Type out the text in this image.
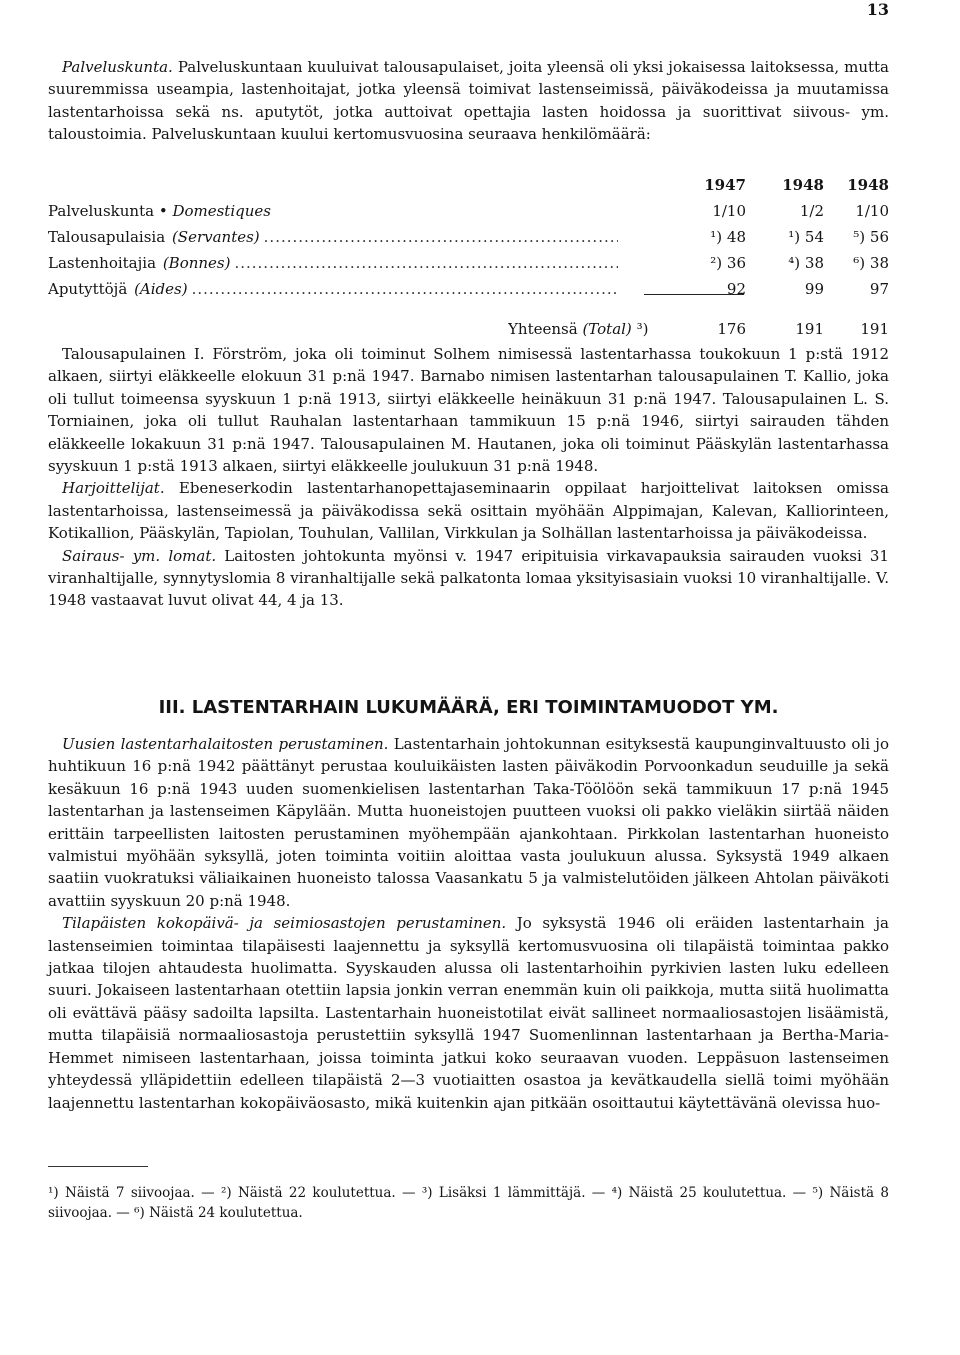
13

Palveluskunta. Palveluskuntaan kuuluivat talousapulaiset, joita yleensä oli yksi jokaisessa laitoksessa, mutta suuremmissa useampia, lastenhoitajat, jotka yleensä toimivat lastenseimissä, päiväkodeissa ja muutamissa lastentarhoissa sekä ns. aputytöt, jotka auttoivat opettajia lasten hoidossa ja suorittivat siivous- ym. taloustoimia. Palveluskuntaan kuului kertomusvuosina seuraava henkilömäärä:

1947	1948	1948
Palveluskunta • Domestiques	1/10	1/2	1/10
Talousapulaisia (Servantes) .....	¹) 48	¹) 54	⁵) 56
Lastenhoitajia (Bonnes) .....	²) 36	⁴) 38	⁶) 38
Aputyttöjä (Aides) .....	92	99	97
Yhteensä (Total) ³)	176	191	191

Talousapulainen I. Förström, joka oli toiminut Solhem nimisessä lastentarhassa toukokuun 1 p:stä 1912 alkaen, siirtyi eläkkeelle elokuun 31 p:nä 1947. Barnabo nimisen lastentarhan talousapulainen T. Kallio, joka oli tullut toimeensa syyskuun 1 p:nä 1913, siirtyi eläkkeelle heinäkuun 31 p:nä 1947. Talousapulainen L. S. Torniainen, joka oli tullut Rauhalan lastentarhaan tammikuun 15 p:nä 1946, siirtyi sairauden tähden eläkkeelle lokakuun 31 p:nä 1947. Talousapulainen M. Hautanen, joka oli toiminut Pääskylän lastentarhassa syyskuun 1 p:stä 1913 alkaen, siirtyi eläkkeelle joulukuun 31 p:nä 1948.

Harjoittelijat. Ebeneserkodin lastentarhanopettajaseminaarin oppilaat harjoittelivat laitoksen omissa lastentarhoissa, lastenseimessä ja päiväkodissa sekä osittain myöhään Alppimajan, Kalevan, Kalliorinteen, Kotikallion, Pääskylän, Tapiolan, Touhulan, Vallilan, Virkkulan ja Solhällan lastentarhoissa ja päiväkodeissa.

Sairaus- ym. lomat. Laitosten johtokunta myönsi v. 1947 eripituisia virkavapauksia sairauden vuoksi 31 viranhaltijalle, synnytyslomia 8 viranhaltijalle sekä palkatonta lomaa yksityisasiain vuoksi 10 viranhaltijalle. V. 1948 vastaavat luvut olivat 44, 4 ja 13.

III. LASTENTARHAIN LUKUMÄÄRÄ, ERI TOIMINTAMUODOT YM.

Uusien lastentarhalaitosten perustaminen. Lastentarhain johtokunnan esityksestä kaupunginvaltuusto oli jo huhtikuun 16 p:nä 1942 päättänyt perustaa kouluikäisten lasten päiväkodin Porvoonkadun seuduille ja sekä kesäkuun 16 p:nä 1943 uuden suomenkielisen lastentarhan Taka-Töölöön sekä tammikuun 17 p:nä 1945 lastentarhan ja lastenseimen Käpylään. Mutta huoneistojen puutteen vuoksi oli pakko vieläkin siirtää näiden erittäin tarpeellisten laitosten perustaminen myöhempään ajankohtaan. Pirkkolan lastentarhan huoneisto valmistui myöhään syksyllä, joten toiminta voitiin aloittaa vasta joulukuun alussa. Syksystä 1949 alkaen saatiin vuokratuksi väliaikainen huoneisto talossa Vaasankatu 5 ja valmistelutöiden jälkeen Ahtolan päiväkoti avattiin syyskuun 20 p:nä 1948.

Tilapäisten kokopäivä- ja seimiosastojen perustaminen. Jo syksystä 1946 oli eräiden lastentarhain ja lastenseimien toimintaa tilapäisesti laajennettu ja syksyllä kertomusvuosina oli tilapäistä toimintaa pakko jatkaa tilojen ahtaudesta huolimatta. Syyskauden alussa oli lastentarhoihin pyrkivien lasten luku edelleen suuri. Jokaiseen lastentarhaan otettiin lapsia jonkin verran enemmän kuin oli paikkoja, mutta siitä huolimatta oli evättävä pääsy sadoilta lapsilta. Lastentarhain huoneistotilat eivät sallineet normaaliosastojen lisäämistä, mutta tilapäisiä normaaliosastoja perustettiin syksyllä 1947 Suomenlinnan lastentarhaan ja Bertha-Maria-Hemmet nimiseen lastentarhaan, joissa toiminta jatkui koko seuraavan vuoden. Leppäsuon lastenseimen yhteydessä ylläpidettiin edelleen tilapäistä 2—3 vuotiaitten osastoa ja kevätkaudella siellä toimi myöhään laajennettu lastentarhan kokopäiväosasto, mikä kuitenkin ajan pitkään osoittautui käytettävänä olevissa huo-

¹) Näistä 7 siivoojaa. — ²) Näistä 22 koulutettua. — ³) Lisäksi 1 lämmittäjä. — ⁴) Näistä 25 koulutettua. — ⁵) Näistä 8 siivoojaa. — ⁶) Näistä 24 koulutettua.
